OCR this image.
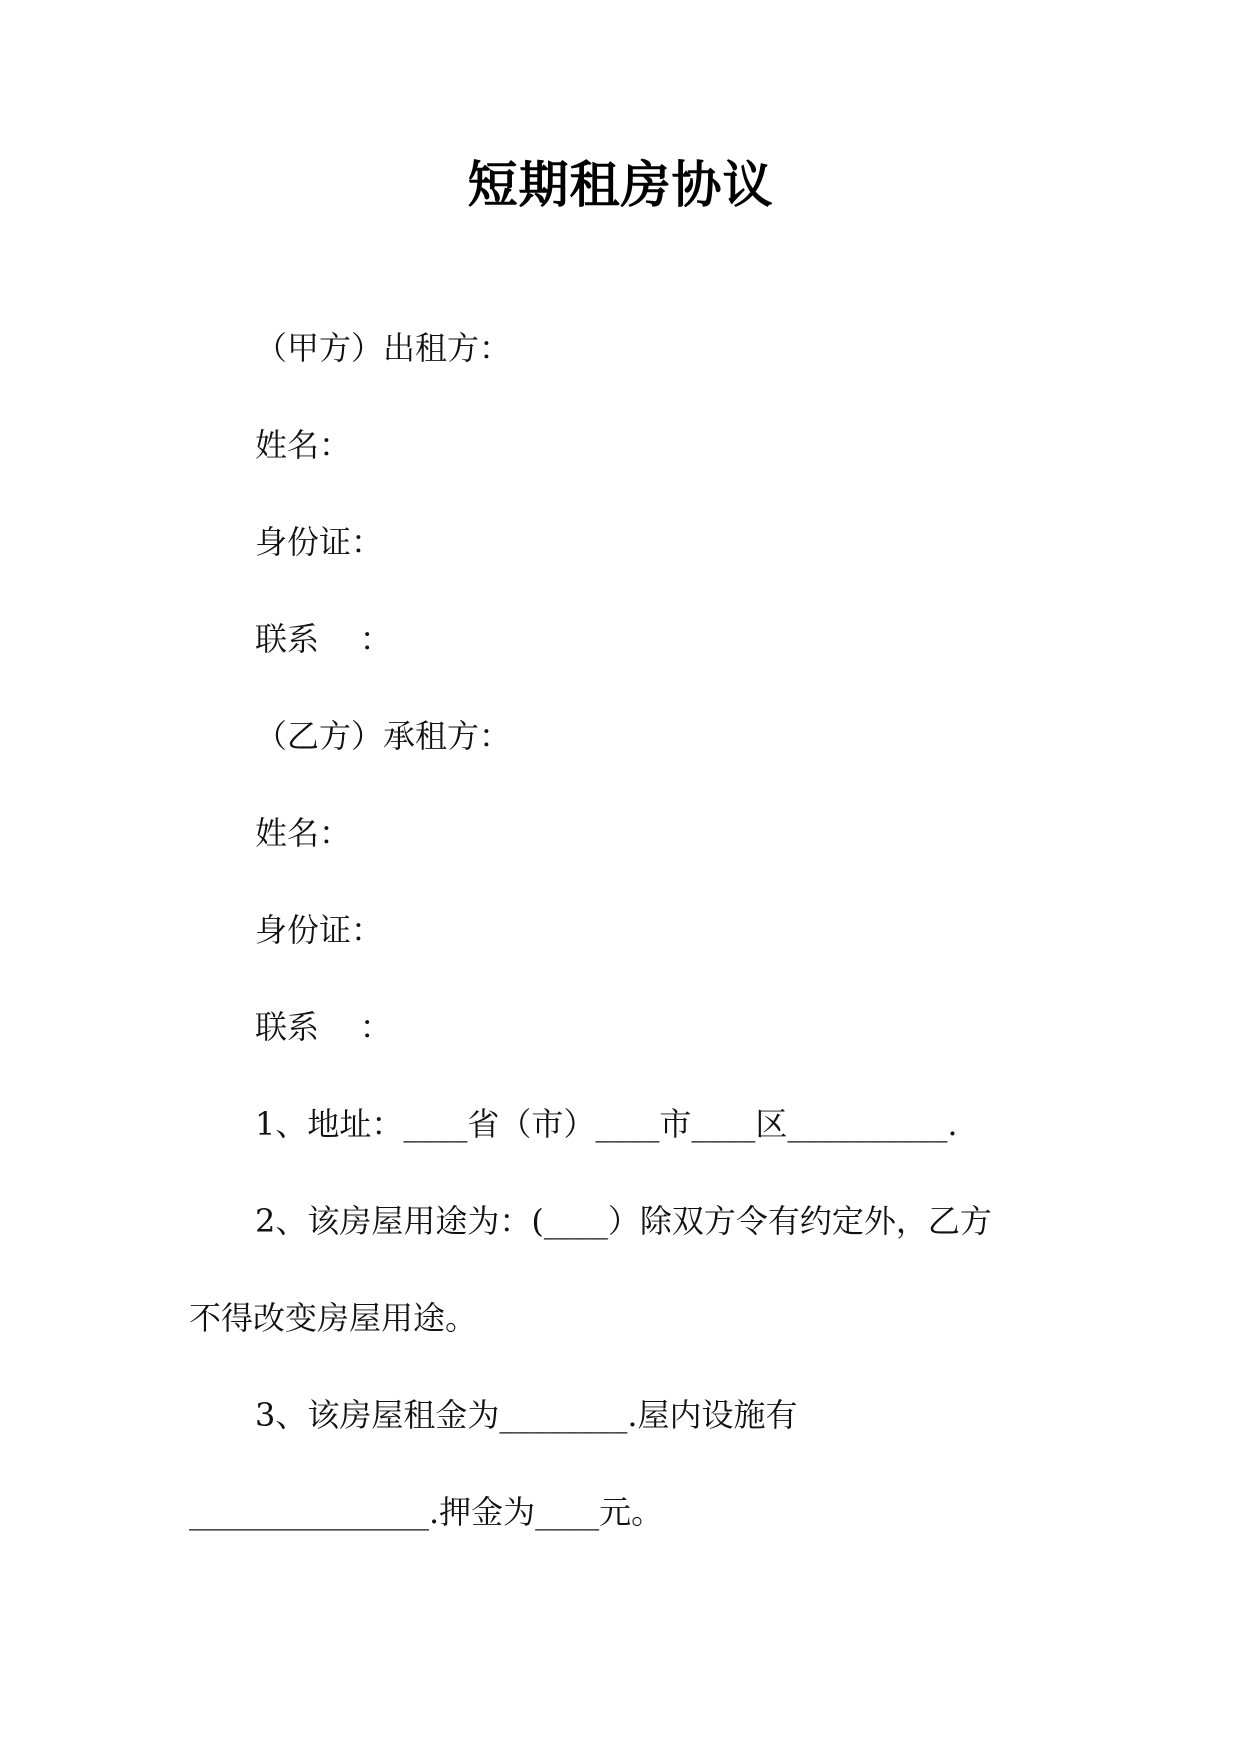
短期租房协议

（甲方）出租方：

姓名：

身份证：

联系    ：

（乙方）承租方：

姓名：

身份证：

联系    ：

1、地址：____省（市）____市____区__________.

2、该房屋用途为：(____）除双方令有约定外，乙方

不得改变房屋用途。

3、该房屋租金为________.屋内设施有

_______________.押金为____元。
